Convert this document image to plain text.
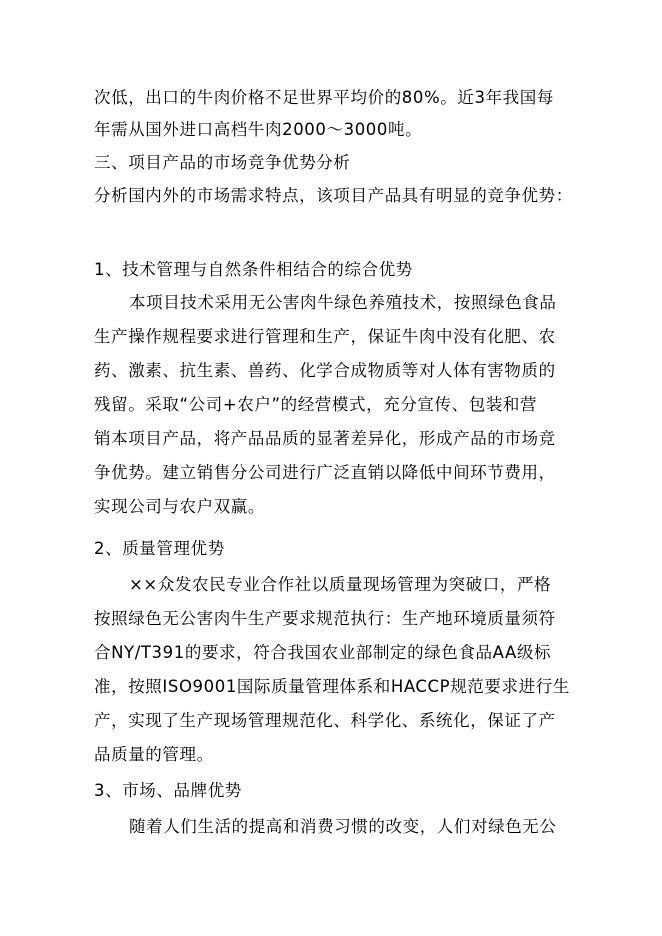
次低，出口的牛肉价格不足世界平均价的80%。近3年我国每
年需从国外进口高档牛肉2000～3000吨。
三、项目产品的市场竞争优势分析
分析国内外的市场需求特点，该项目产品具有明显的竞争优势：
1、技术管理与自然条件相结合的综合优势
本项目技术采用无公害肉牛绿色养殖技术，按照绿色食品
生产操作规程要求进行管理和生产，保证牛肉中没有化肥、农
药、激素、抗生素、兽药、化学合成物质等对人体有害物质的
残留。采取“公司+农户”的经营模式，充分宣传、包装和营
销本项目产品，将产品品质的显著差异化，形成产品的市场竞
争优势。建立销售分公司进行广泛直销以降低中间环节费用，
实现公司与农户双赢。
2、质量管理优势
××众发农民专业合作社以质量现场管理为突破口，严格
按照绿色无公害肉牛生产要求规范执行：生产地环境质量须符
合NY/T391的要求，符合我国农业部制定的绿色食品AA级标
准，按照ISO9001国际质量管理体系和HACCP规范要求进行生
产，实现了生产现场管理规范化、科学化、系统化，保证了产
品质量的管理。
3、市场、品牌优势
随着人们生活的提高和消费习惯的改变，人们对绿色无公
